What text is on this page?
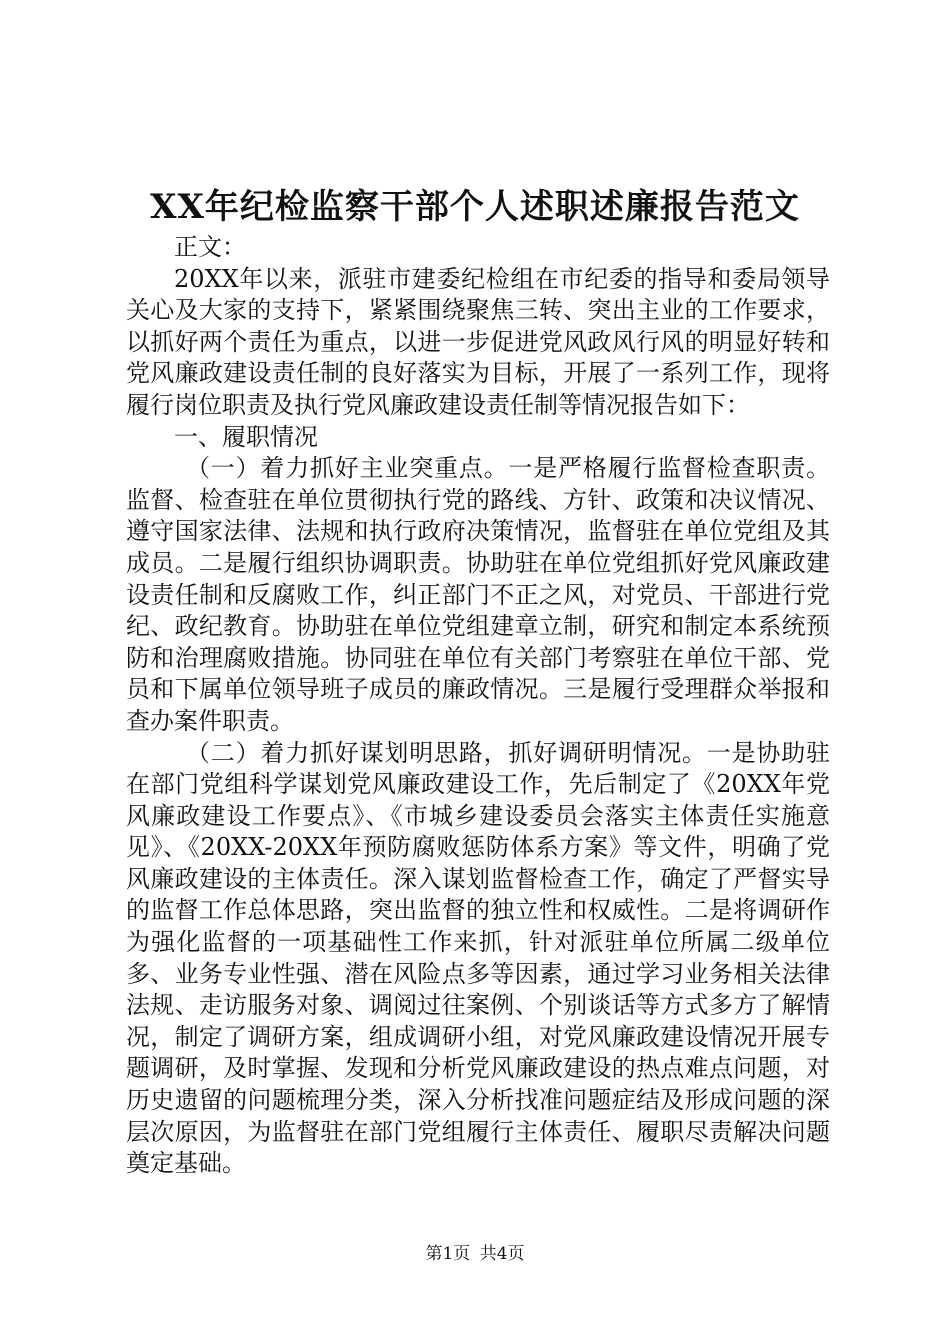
XX年纪检监察干部个人述职述廉报告范文

正文：

20XX年以来，派驻市建委纪检组在市纪委的指导和委局领导关心及大家的支持下，紧紧围绕聚焦三转、突出主业的工作要求，以抓好两个责任为重点，以进一步促进党风政风行风的明显好转和党风廉政建设责任制的良好落实为目标，开展了一系列工作，现将履行岗位职责及执行党风廉政建设责任制等情况报告如下：

一、履职情况

（一）着力抓好主业突重点。一是严格履行监督检查职责。监督、检查驻在单位贯彻执行党的路线、方针、政策和决议情况、遵守国家法律、法规和执行政府决策情况，监督驻在单位党组及其成员。二是履行组织协调职责。协助驻在单位党组抓好党风廉政建设责任制和反腐败工作，纠正部门不正之风，对党员、干部进行党纪、政纪教育。协助驻在单位党组建章立制，研究和制定本系统预防和治理腐败措施。协同驻在单位有关部门考察驻在单位干部、党员和下属单位领导班子成员的廉政情况。三是履行受理群众举报和查办案件职责。

（二）着力抓好谋划明思路，抓好调研明情况。一是协助驻在部门党组科学谋划党风廉政建设工作，先后制定了《20XX年党风廉政建设工作要点》、《市城乡建设委员会落实主体责任实施意见》、《20XX-20XX年预防腐败惩防体系方案》等文件，明确了党风廉政建设的主体责任。深入谋划监督检查工作，确定了严督实导的监督工作总体思路，突出监督的独立性和权威性。二是将调研作为强化监督的一项基础性工作来抓，针对派驻单位所属二级单位多、业务专业性强、潜在风险点多等因素，通过学习业务相关法律法规、走访服务对象、调阅过往案例、个别谈话等方式多方了解情况，制定了调研方案，组成调研小组，对党风廉政建设情况开展专题调研，及时掌握、发现和分析党风廉政建设的热点难点问题，对历史遗留的问题梳理分类，深入分析找准问题症结及形成问题的深层次原因，为监督驻在部门党组履行主体责任、履职尽责解决问题奠定基础。

第1页 共4页
